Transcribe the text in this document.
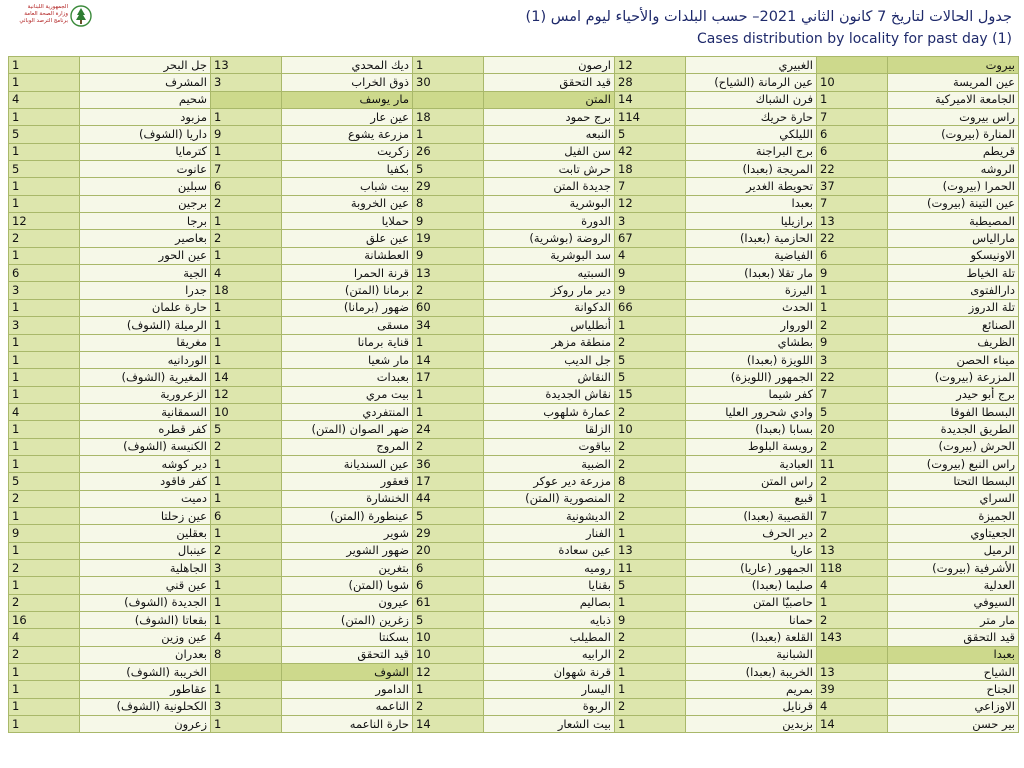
الجمهورية اللبنانية
وزارة الصحة العامة
برنامج الترصد الوبائي	جدول الحالات لتاريخ 7 كانون الثاني 2021– حسب البلدات والأحياء ليوم امس (1)
Cases distribution by locality for past day (1)
بيروت		الغبيري	12	ارصون	1	ديك المحدي	13	جل البحر	1
عين المريسة	10	عين الرمانة (الشياح)	28	قيد التحقق	30	ذوق الخراب	3	المشرف	1
الجامعة الاميركية	1	فرن الشباك	14	المتن		مار يوسف		شحيم	4
راس بيروت	7	حارة حريك	114	برج حمود	18	عين عار	1	مزبود	1
المنارة (بيروت)	6	الليلكي	5	النبعه	1	مزرعة يشوع	9	داريا (الشوف)	5
قريطم	6	برج البراجنة	42	سن الفيل	26	زكريت	1	كترمايا	1
الروشه	22	المريجة (بعبدا)	18	حرش تابت	5	بكفيا	7	عانوت	5
الحمرا (بيروت)	37	تحويطة الغدير	7	جديدة المتن	29	بيت شباب	6	سبلين	1
عين التينة (بيروت)	7	بعبدا	12	البوشرية	8	عين الخروبة	2	برجين	1
المصيطبة	13	برازيليا	3	الدورة	9	حملايا	1	برجا	12
مارالياس	22	الحازمية (بعبدا)	67	الروضة (بوشرية)	19	عين علق	2	بعاصير	2
الاونيسكو	6	الفياضية	4	سد البوشرية	9	العطشانة	1	عين الحور	1
تلة الخياط	9	مار تقلا (بعبدا)	9	السبتيه	13	قرنة الحمرا	4	الجية	6
دارالفتوى	1	اليرزة	9	دير مار روكز	2	برمانا (المتن)	18	جدرا	3
تلة الدروز	1	الحدث	66	الدكوانة	60	ضهور (برمانا)	1	حارة علمان	1
الصنائع	2	الوروار	1	أنطلياس	34	مسقى	1	الرميلة (الشوف)	3
الظريف	9	بطشاي	2	منطقة مزهر	1	قناية برمانا	1	مغريقا	1
ميناء الحصن	3	اللويزة (بعبدا)	5	جل الديب	14	مار شعيا	1	الوردانيه	1
المزرعة (بيروت)	22	الجمهور (اللويزة)	5	النقاش	17	بعبدات	14	المغيرية (الشوف)	1
برج أبو حيدر	7	كفر شيما	15	نقاش الجديدة	1	بيت مري	12	الزعرورية	1
البسطا الفوقا	5	وادي شحرور العليا	2	عمارة شلهوب	1	المنتفردي	10	السمقانية	4
الطريق الجديدة	20	بسابا (بعبدا)	10	الزلقا	24	ضهر الصوان (المتن)	5	كفر قطره	1
الحرش (بيروت)	2	رويسة البلوط	2	بياقوت	2	المروج	2	الكنيسة (الشوف)	1
راس النبع (بيروت)	11	العبادية	2	الضبية	36	عين السنديانة	1	دير كوشه	1
البسطا التحتا	2	راس المتن	8	مزرعة دير عوكر	17	قعقور	1	كفر فاقود	5
السراي	1	قبيع	2	المنصورية (المتن)	44	الخنشارة	1	دميت	2
الجميزة	7	القصيبة (بعبدا)	2	الديشونية	5	عينطورة (المتن)	6	عين زحلتا	1
الجعيتاوي	2	دير الحرف	1	الفنار	29	شوير	1	بعقلين	9
الرميل	13	عاريا	13	عين سعادة	20	ضهور الشوير	2	عينبال	1
الأشرفية (بيروت)	118	الجمهور (عاريا)	11	روميه	6	بتغرين	3	الجاهلية	2
العدلية	4	صليما (بعبدا)	5	بقنايا	6	شويا (المتن)	1	عين قني	1
السيوفي	1	حاصبيّا المتن	1	بصاليم	61	عيرون	1	الجديدة (الشوف)	2
مار متر	2	حمانا	9	ذبايه	5	زغرين (المتن)	1	بقعاتا (الشوف)	16
قيد التحقق	143	القلعة (بعبدا)	2	المطيلب	10	بسكنتا	4	عين وزين	4
بعبدا		الشبانية	2	الرابيه	10	قيد التحقق	8	بعدران	2
الشياح	13	الخريبة (بعبدا)	1	قرنة شهوان	12	الشوف		الخريبة (الشوف)	1
الجناح	39	بمريم	1	اليسار	1	الدامور	1	عقاطور	1
الاوزاعي	4	قرنايل	2	الربوة	2	الناعمه	3	الكحلونية (الشوف)	1
بير حسن	14	بزبدين	1	بيت الشعار	14	حارة الناعمه	1	زعرون	1
